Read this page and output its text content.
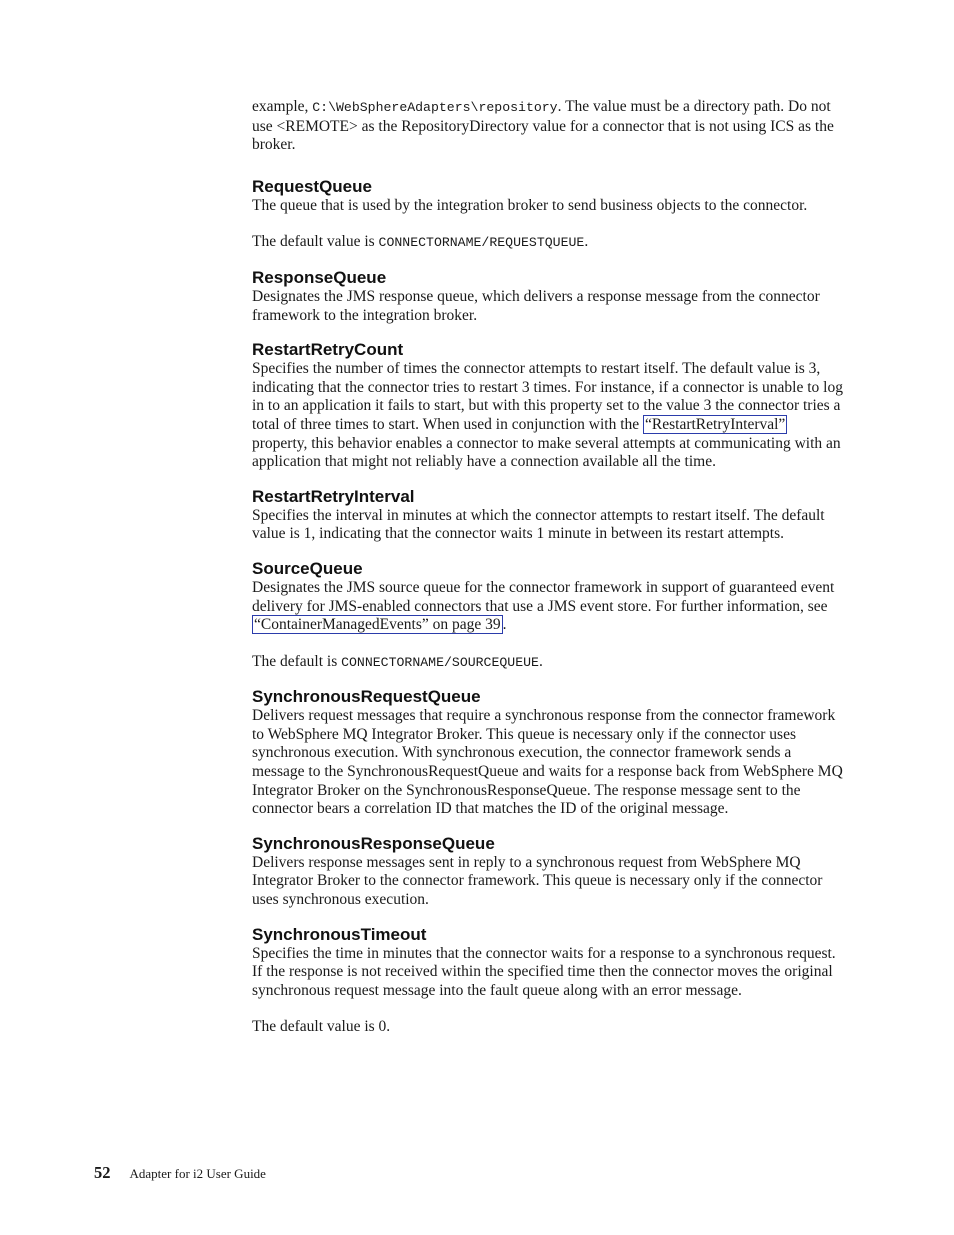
example, C:\WebSphereAdapters\repository. The value must be a directory path. Do not use <REMOTE> as the RepositoryDirectory value for a connector that is not using ICS as the broker.

RequestQueue

The queue that is used by the integration broker to send business objects to the connector.

The default value is CONNECTORNAME/REQUESTQUEUE.

ResponseQueue

Designates the JMS response queue, which delivers a response message from the connector framework to the integration broker.

RestartRetryCount

Specifies the number of times the connector attempts to restart itself. The default value is 3, indicating that the connector tries to restart 3 times. For instance, if a connector is unable to log in to an application it fails to start, but with this property set to the value 3 the connector tries a total of three times to start. When used in conjunction with the “RestartRetryInterval” property, this behavior enables a connector to make several attempts at communicating with an application that might not reliably have a connection available all the time.

RestartRetryInterval

Specifies the interval in minutes at which the connector attempts to restart itself. The default value is 1, indicating that the connector waits 1 minute in between its restart attempts.

SourceQueue

Designates the JMS source queue for the connector framework in support of guaranteed event delivery for JMS-enabled connectors that use a JMS event store. For further information, see “ContainerManagedEvents” on page 39 .

The default is CONNECTORNAME/SOURCEQUEUE.

SynchronousRequestQueue

Delivers request messages that require a synchronous response from the connector framework to WebSphere MQ Integrator Broker. This queue is necessary only if the connector uses synchronous execution. With synchronous execution, the connector framework sends a message to the SynchronousRequestQueue and waits for a response back from WebSphere MQ Integrator Broker on the SynchronousResponseQueue. The response message sent to the connector bears a correlation ID that matches the ID of the original message.

SynchronousResponseQueue

Delivers response messages sent in reply to a synchronous request from WebSphere MQ Integrator Broker to the connector framework. This queue is necessary only if the connector uses synchronous execution.

SynchronousTimeout

Specifies the time in minutes that the connector waits for a response to a synchronous request. If the response is not received within the specified time then the connector moves the original synchronous request message into the fault queue along with an error message.

The default value is 0.

52 Adapter for i2 User Guide
